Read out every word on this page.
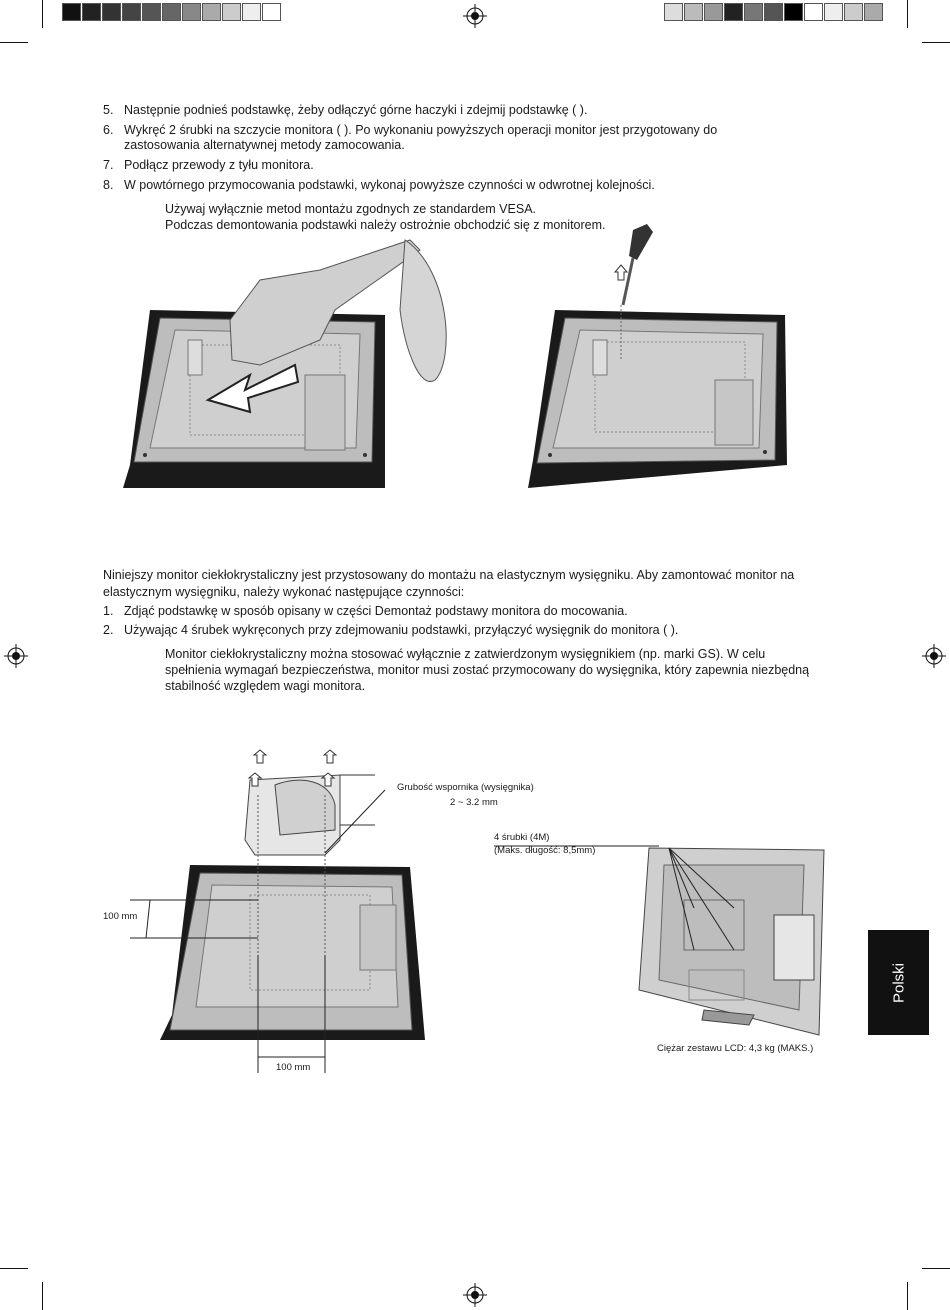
5. Następnie podnieś podstawkę, żeby odłączyć górne haczyki i zdejmij podstawkę ( ).
6. Wykręć 2 śrubki na szczycie monitora ( ). Po wykonaniu powyższych operacji monitor jest przygotowany do
zastosowania alternatywnej metody zamocowania.
7. Podłącz przewody z tyłu monitora.
8. W powtórnego przymocowania podstawki, wykonaj powyższe czynności w odwrotnej kolejności.
Używaj wyłącznie metod montażu zgodnych ze standardem VESA.
Podczas demontowania podstawki należy ostrożnie obchodzić się z monitorem.
Niniejszy monitor ciekłokrystaliczny jest przystosowany do montażu na elastycznym wysięgniku. Aby zamontować monitor na
elastycznym wysięgniku, należy wykonać następujące czynności:
1. Zdjąć podstawkę w sposób opisany w części Demontaż podstawy monitora do mocowania.
2. Używając 4 śrubek wykręconych przy zdejmowaniu podstawki, przyłączyć wysięgnik do monitora ( ).
Monitor ciekłokrystaliczny można stosować wyłącznie z zatwierdzonym wysięgnikiem (np. marki GS). W celu
spełnienia wymagań bezpieczeństwa, monitor musi zostać przymocowany do wysięgnika, który zapewnia niezbędną
stabilność względem wagi monitora.
Grubość wspornika (wysięgnika)
2 ~ 3.2 mm
100 mm
100 mm
4 śrubki (4M)
(Maks. długość: 8,5mm)
Ciężar zestawu LCD: 4,3 kg (MAKS.)
Polski
